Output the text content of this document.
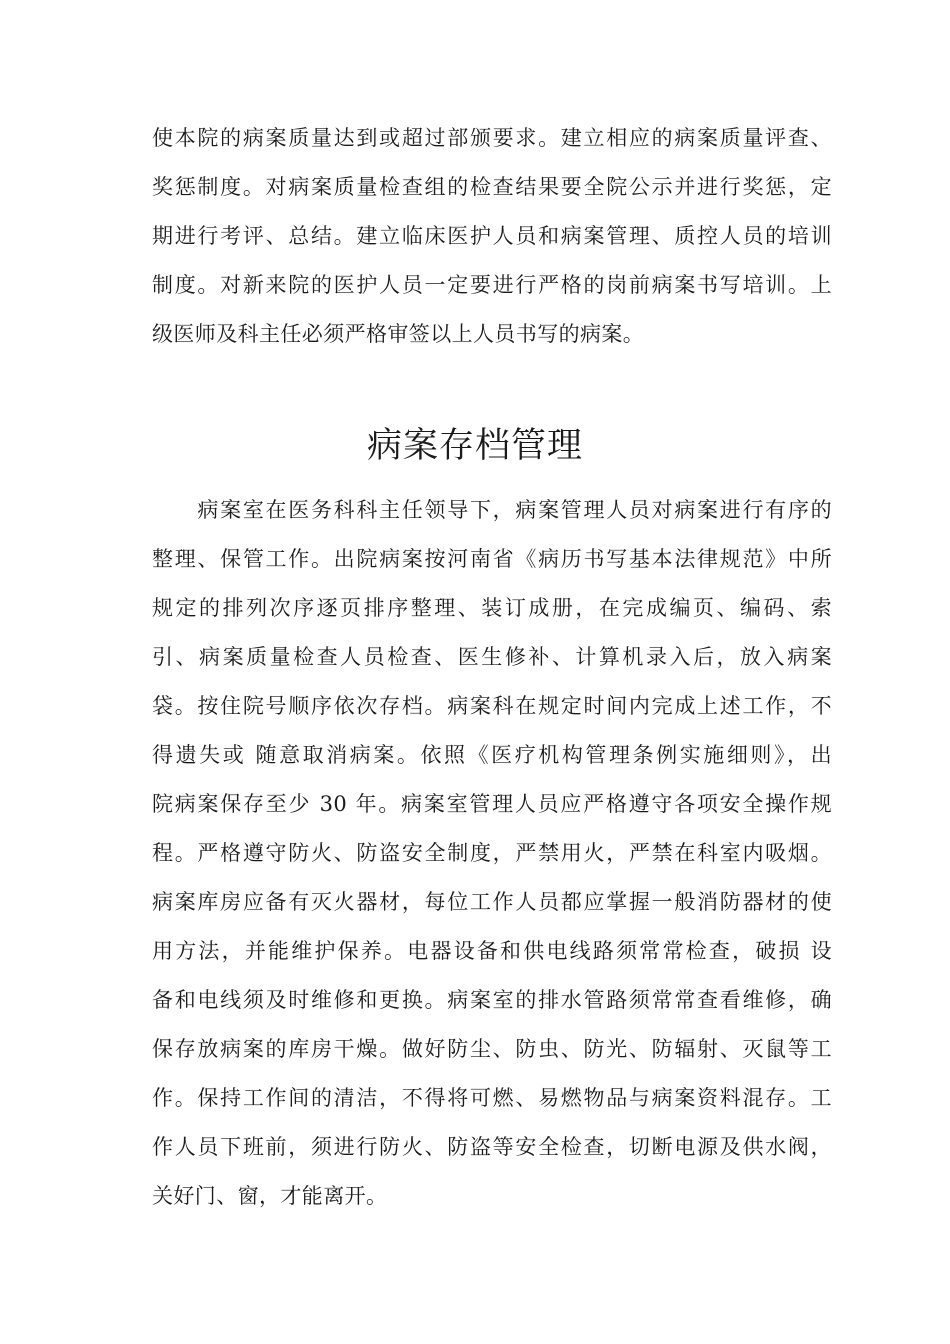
使本院的病案质量达到或超过部颁要求。建立相应的病案质量评查、
奖惩制度。对病案质量检查组的检查结果要全院公示并进行奖惩，定
期进行考评、总结。建立临床医护人员和病案管理、质控人员的培训
制度。对新来院的医护人员一定要进行严格的岗前病案书写培训。上
级医师及科主任必须严格审签以上人员书写的病案。
病案存档管理
　　病案室在医务科科主任领导下，病案管理人员对病案进行有序的
整理、保管工作。出院病案按河南省《病历书写基本法律规范》中所
规定的排列次序逐页排序整理、装订成册，在完成编页、编码、索
引、病案质量检查人员检查、医生修补、计算机录入后，放入病案
袋。按住院号顺序依次存档。病案科在规定时间内完成上述工作，不
得遗失或 随意取消病案。依照《医疗机构管理条例实施细则》，出
院病案保存至少 30 年。病案室管理人员应严格遵守各项安全操作规
程。严格遵守防火、防盗安全制度，严禁用火，严禁在科室内吸烟。
病案库房应备有灭火器材，每位工作人员都应掌握一般消防器材的使
用方法，并能维护保养。电器设备和供电线路须常常检查，破损 设
备和电线须及时维修和更换。病案室的排水管路须常常查看维修，确
保存放病案的库房干燥。做好防尘、防虫、防光、防辐射、灭鼠等工
作。保持工作间的清洁，不得将可燃、易燃物品与病案资料混存。工
作人员下班前，须进行防火、防盗等安全检查，切断电源及供水阀，
关好门、窗，才能离开。
